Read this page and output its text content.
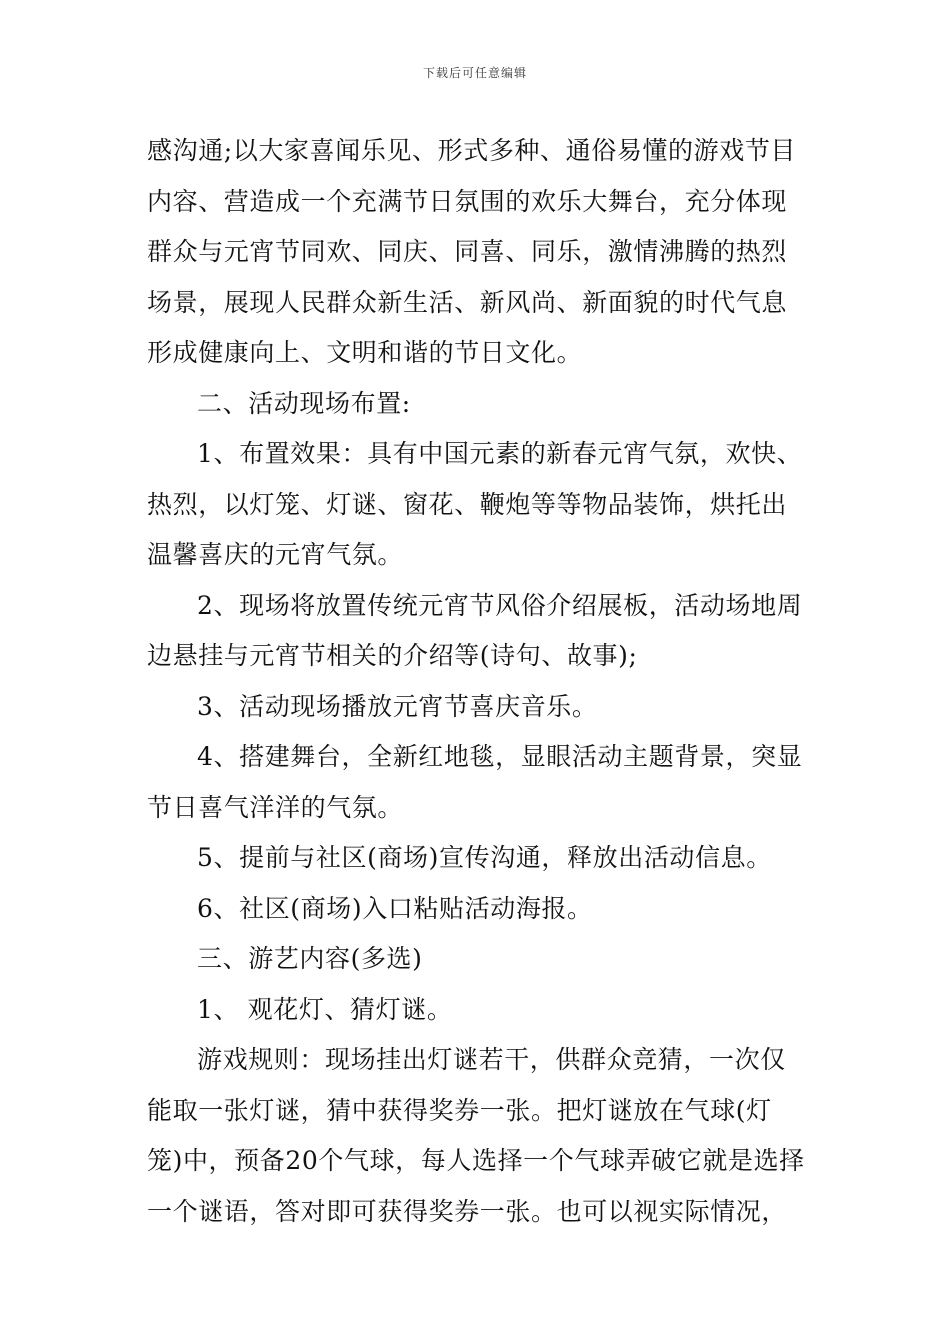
下载后可任意编辑
感沟通;以大家喜闻乐见、形式多种、通俗易懂的游戏节目
内容、营造成一个充满节日氛围的欢乐大舞台，充分体现
群众与元宵节同欢、同庆、同喜、同乐，激情沸腾的热烈
场景，展现人民群众新生活、新风尚、新面貌的时代气息
形成健康向上、文明和谐的节日文化。
二、活动现场布置:
1、布置效果：具有中国元素的新春元宵气氛，欢快、
热烈，以灯笼、灯谜、窗花、鞭炮等等物品装饰，烘托出
温馨喜庆的元宵气氛。
2、现场将放置传统元宵节风俗介绍展板，活动场地周
边悬挂与元宵节相关的介绍等(诗句、故事);
3、活动现场播放元宵节喜庆音乐。
4、搭建舞台，全新红地毯，显眼活动主题背景，突显
节日喜气洋洋的气氛。
5、提前与社区(商场)宣传沟通，释放出活动信息。
6、社区(商场)入口粘贴活动海报。
三、游艺内容(多选)
1、 观花灯、猜灯谜。
游戏规则：现场挂出灯谜若干，供群众竞猜，一次仅
能取一张灯谜，猜中获得奖券一张。把灯谜放在气球(灯
笼)中，预备20个气球，每人选择一个气球弄破它就是选择
一个谜语，答对即可获得奖券一张。也可以视实际情况，
